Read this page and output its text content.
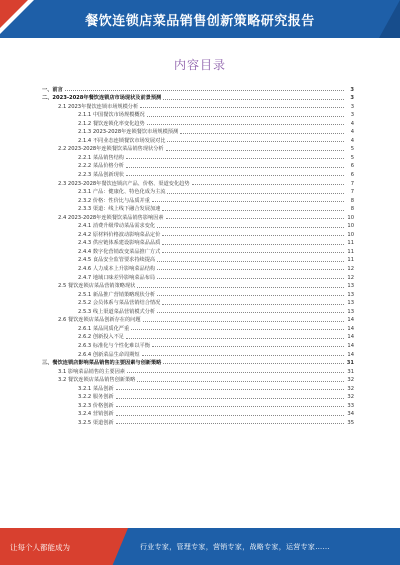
餐饮连锁店菜品销售创新策略研究报告
内容目录
一、前言	3
二、2023-2028年餐饮连锁店市场现状及前景预测	3
2.1 2023年餐饮连锁市场规模分析	3
2.1.1 中国餐饮市场规模概况	3
2.1.2 餐饮连锁化率变化趋势	4
2.1.3 2023-2028年连锁餐饮市场规模预测	4
2.1.4 不同业态连锁餐饮市场发展对比	4
2.2 2023-2028年连锁餐饮菜品销售现状分析	5
2.2.1 菜品销售结构	5
2.2.2 菜品价格分析	6
2.2.3 菜品创新现状	6
2.3 2023-2028年餐饮连锁店产品、价格、渠道变化趋势	7
2.3.1 产品：健康化、特色化成为主流	7
2.3.2 价格：性价比与品质并重	8
2.3.3 渠道：线上线下融合发展加速	8
2.4 2023-2028年连锁餐饮菜品销售影响因素	10
2.4.1 消费升级带动菜品需求变化	10
2.4.2 原材料价格波动影响菜品定价	10
2.4.3 供应链体系建设影响菜品品质	11
2.4.4 数字化营销改变菜品推广方式	11
2.4.5 食品安全监管要求持续提高	11
2.4.6 人力成本上升影响菜品结构	12
2.4.7 地域口味差异影响菜品布局	12
2.5 餐饮连锁店菜品营销策略现状	13
2.5.1 新品推广营销策略现状分析	13
2.5.2 会员体系与菜品营销结合情况	13
2.5.3 线上渠道菜品营销模式分析	13
2.6 餐饮连锁店菜品创新存在的问题	14
2.6.1 菜品同质化严重	14
2.6.2 创新投入不足	14
2.6.3 标准化与个性化难以平衡	14
2.6.4 创新菜品生命周期短	14
三、餐饮连锁店影响菜品销售的主要因素与创新策略	31
3.1 影响菜品销售的主要因素	31
3.2 餐饮连锁店菜品销售创新策略	32
3.2.1 菜品创新	32
3.2.2 服务创新	32
3.2.3 价格创新	33
3.2.4 营销创新	34
3.2.5 渠道创新	35
让每个人都能成为	行业专家，管理专家，营销专家，战略专家，运营专家……
